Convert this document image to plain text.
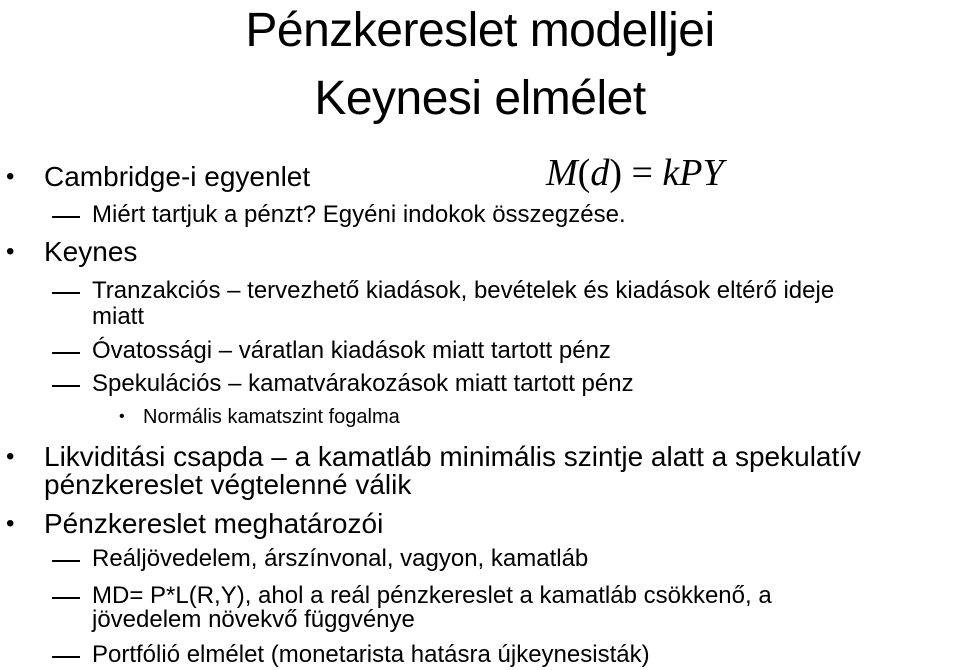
Pénzkereslet modelljei
Keynesi elmélet
• Cambridge-i egyenlet	M(d) = kPY
Miért tartjuk a pénzt? Egyéni indokok összegzése.
• Keynes
Tranzakciós – tervezhető kiadások, bevételek és kiadások eltérő ideje
miatt
Óvatossági – váratlan kiadások miatt tartott pénz
Spekulációs – kamatvárakozások miatt tartott pénz
• Normális kamatszint fogalma
• Likviditási csapda – a kamatláb minimális szintje alatt a spekulatív
pénzkereslet végtelenné válik
• Pénzkereslet meghatározói
Reáljövedelem, árszínvonal, vagyon, kamatláb
MD= P*L(R,Y), ahol a reál pénzkereslet a kamatláb csökkenő, a
jövedelem növekvő függvénye
Portfólió elmélet (monetarista hatásra újkeynesisták)
